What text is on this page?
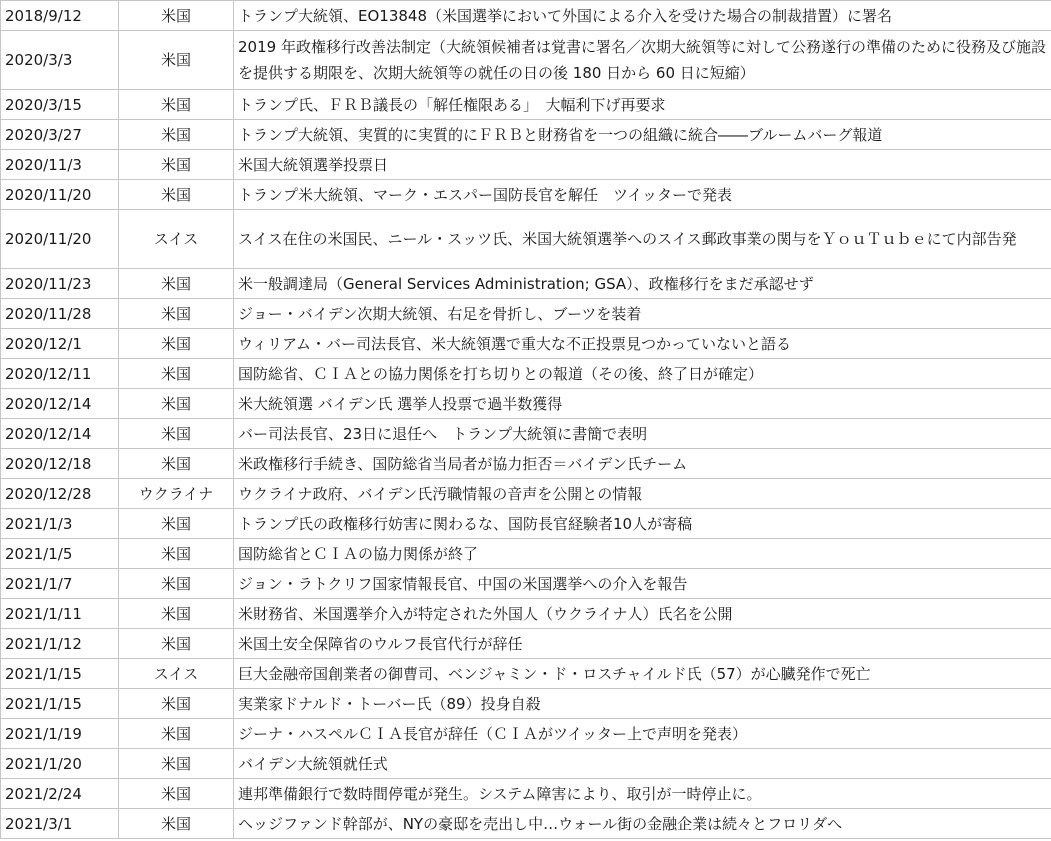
2018/9/12	米国	トランプ大統領、EO13848（米国選挙において外国による介入を受けた場合の制裁措置）に署名
2020/3/3	米国	2019 年政権移行改善法制定（大統領候補者は覚書に署名／次期大統領等に対して公務遂行の準備のために役務及び施設を提供する期限を、次期大統領等の就任の日の後 180 日から 60 日に短縮）
2020/3/15	米国	トランプ氏、ＦＲＢ議長の「解任権限ある」　大幅利下げ再要求
2020/3/27	米国	トランプ大統領、実質的に実質的にＦＲＢと財務省を一つの組織に統合――ブルームバーグ報道
2020/11/3	米国	米国大統領選挙投票日
2020/11/20	米国	トランプ米大統領、マーク・エスパー国防長官を解任　ツイッターで発表
2020/11/20	スイス	スイス在住の米国民、ニール・スッツ氏、米国大統領選挙へのスイス郵政事業の関与をＹｏｕＴｕｂｅにて内部告発
2020/11/23	米国	米一般調達局（General Services Administration; GSA）、政権移行をまだ承認せず
2020/11/28	米国	ジョー・バイデン次期大統領、右足を骨折し、ブーツを装着
2020/12/1	米国	ウィリアム・バー司法長官、米大統領選で重大な不正投票見つかっていないと語る
2020/12/11	米国	国防総省、ＣＩＡとの協力関係を打ち切りとの報道（その後、終了日が確定）
2020/12/14	米国	米大統領選 バイデン氏 選挙人投票で過半数獲得
2020/12/14	米国	バー司法長官、23日に退任へ　トランプ大統領に書簡で表明
2020/12/18	米国	米政権移行手続き、国防総省当局者が協力拒否＝バイデン氏チーム
2020/12/28	ウクライナ	ウクライナ政府、バイデン氏汚職情報の音声を公開との情報
2021/1/3	米国	トランプ氏の政権移行妨害に関わるな、国防長官経験者10人が寄稿
2021/1/5	米国	国防総省とＣＩＡの協力関係が終了
2021/1/7	米国	ジョン・ラトクリフ国家情報長官、中国の米国選挙への介入を報告
2021/1/11	米国	米財務省、米国選挙介入が特定された外国人（ウクライナ人）氏名を公開
2021/1/12	米国	米国土安全保障省のウルフ長官代行が辞任
2021/1/15	スイス	巨大金融帝国創業者の御曹司、ベンジャミン・ド・ロスチャイルド氏（57）が心臓発作で死亡
2021/1/15	米国	実業家ドナルド・トーバー氏（89）投身自殺
2021/1/19	米国	ジーナ・ハスペルＣＩＡ長官が辞任（ＣＩＡがツイッター上で声明を発表）
2021/1/20	米国	バイデン大統領就任式
2021/2/24	米国	連邦準備銀行で数時間停電が発生。システム障害により、取引が一時停止に。
2021/3/1	米国	ヘッジファンド幹部が、NYの豪邸を売出し中…ウォール街の金融企業は続々とフロリダへ
